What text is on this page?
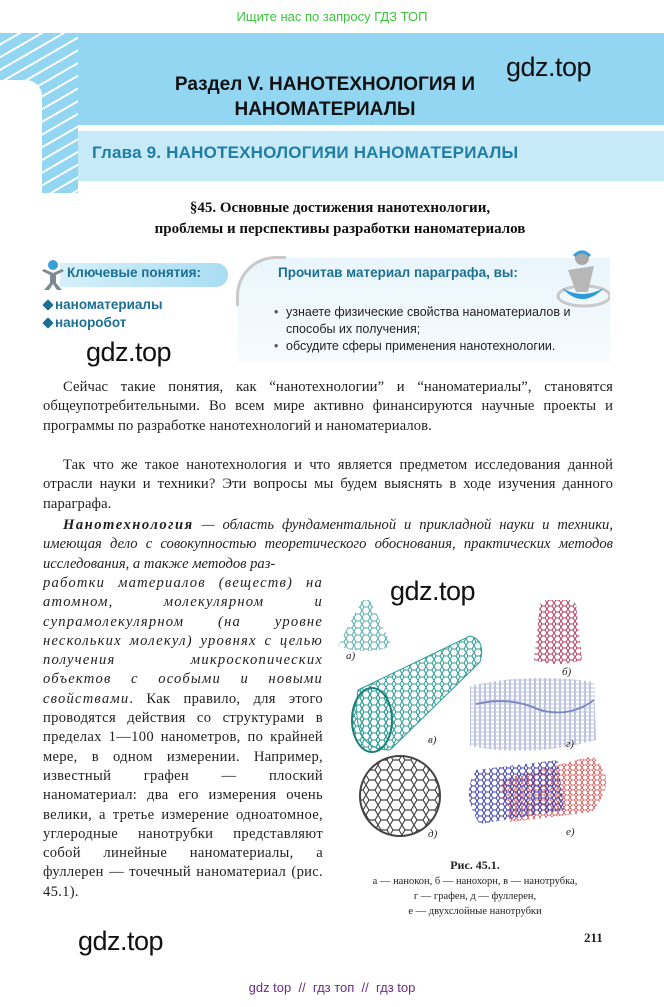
Ищите нас по запросу ГДЗ ТОП
Раздел V. НАНОТЕХНОЛОГИЯ И НАНОМАТЕРИАЛЫ
gdz.top
Глава 9. НАНОТЕХНОЛОГИЯИ НАНОМАТЕРИАЛЫ
§45. Основные достижения нанотехнологии,
проблемы и перспективы разработки наноматериалов
Ключевые понятия:
наноматериалы
наноробот
gdz.top
Прочитав материал параграфа, вы:
• узнаете физические свойства наноматериалов и способы их получения;
• обсудите сферы применения нанотехнологии.
Сейчас такие понятия, как “нанотехнологии” и “наноматериалы”, становятся общеупотребительными. Во всем мире активно финансируются научные проекты и программы по разработке нанотехнологий и наноматериалов.
Так что же такое нанотехнология и что является предметом исследования данной отрасли науки и техники? Эти вопросы мы будем выяснять в ходе изучения данного параграфа.
Нанотехнология — область фундаментальной и прикладной науки и техники, имеющая дело с совокупностью теоретического обоснования, практических методов исследования, а также методов раз-
работки материалов (веществ) на атомном, молекулярном и супрамолекулярном (на уровне нескольких молекул) уровнях с целью получения микроскопических объектов с особыми и новыми свойствами. Как правило, для этого проводятся действия со структурами в пределах 1—100 нанометров, по крайней мере, в одном измерении. Например, известный графен — плоский наноматериал: два его измерения очень велики, а третье измерение одноатомное, углеродные нанотрубки представляют собой линейные наноматериалы, а фуллерен — точечный наноматериал (рис. 45.1).
gdz.top
gdz.top
а)
б)
в)	г)
д)	е)
Рис. 45.1.
а — нанокон, б — нанохорн, в — нанотрубка,
г — графен, д — фуллерен,
е — двухслойные нанотрубки
211
gdz top  //  гдз топ  //  гдз top
